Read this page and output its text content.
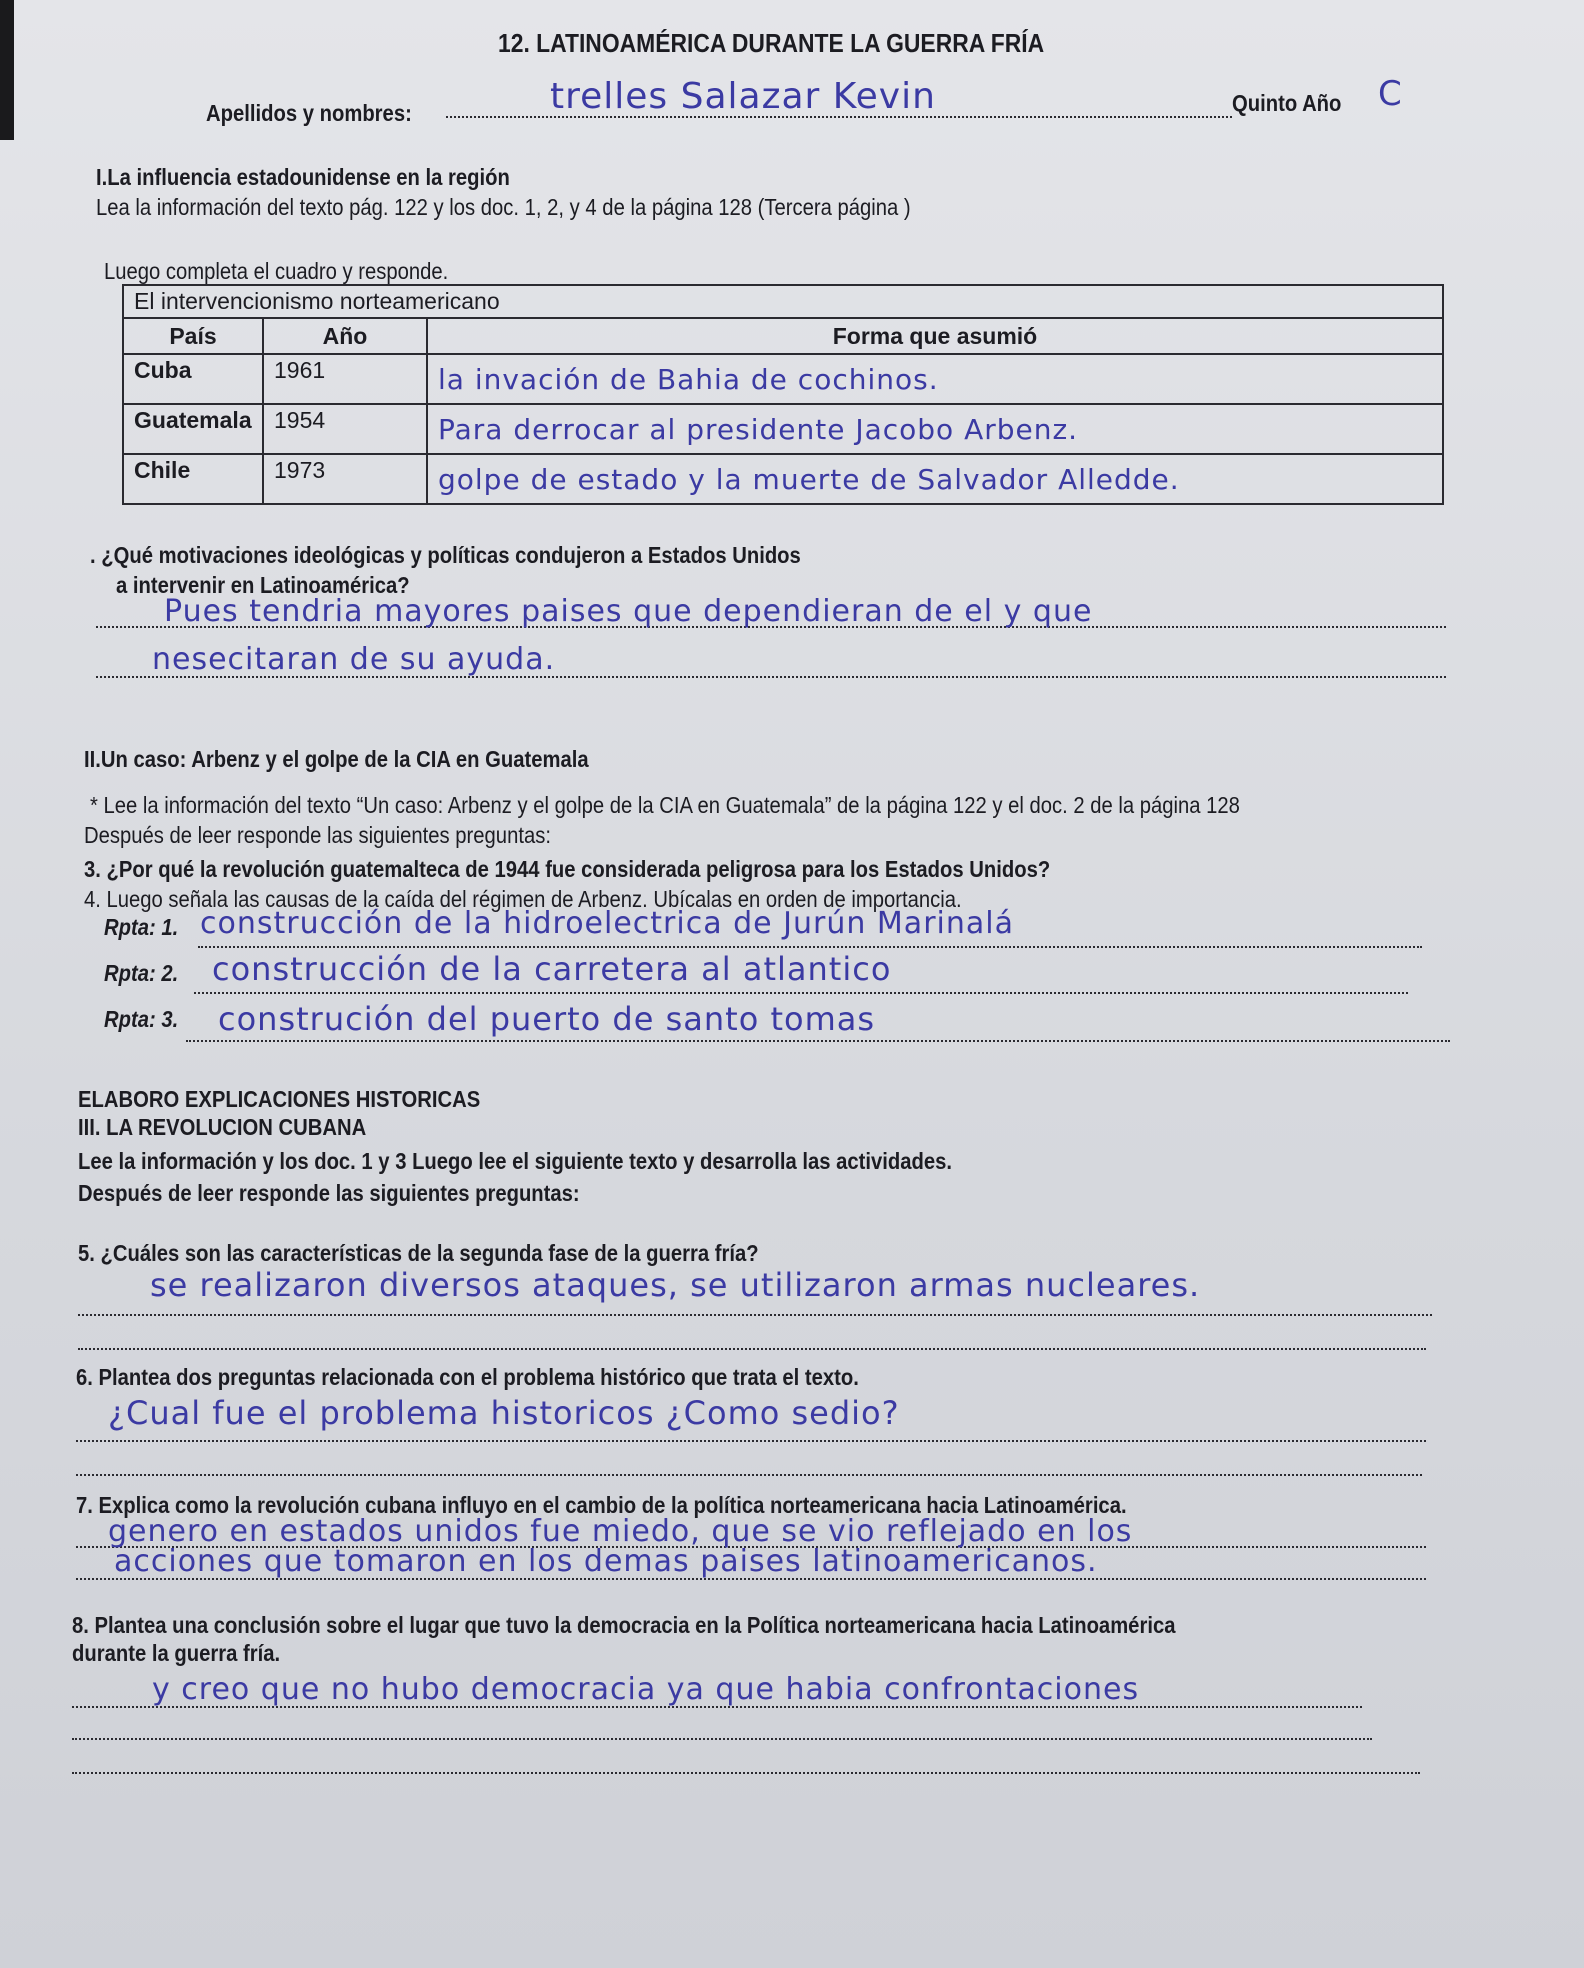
12. LATINOAMÉRICA DURANTE LA GUERRA FRÍA
Apellidos y nombres:	trelles Salazar Kevin	Quinto Año C
I.La influencia estadounidense en la región
Lea la información del texto pág. 122 y los doc. 1, 2, y 4 de la página 128 (Tercera página )
Luego completa el cuadro y responde.
El intervencionismo norteamericano		
País	Año	Forma que asumió
Cuba	1961	la invación de Bahia de cochinos.
Guatemala	1954	Para derrocar al presidente Jacobo Arbenz.
Chile	1973	golpe de estado y la muerte de Salvador Alledde.
. ¿Qué motivaciones ideológicas y políticas condujeron a Estados Unidos
a intervenir en Latinoamérica?
Pues tendria mayores paises que dependieran de el y que
nesecitaran de su ayuda.
II.Un caso: Arbenz y el golpe de la CIA en Guatemala
* Lee la información del texto “Un caso: Arbenz y el golpe de la CIA en Guatemala” de la página 122 y el doc. 2 de la página 128
Después de leer responde las siguientes preguntas:
3. ¿Por qué la revolución guatemalteca de 1944 fue considerada peligrosa para los Estados Unidos?
4. Luego señala las causas de la caída del régimen de Arbenz. Ubícalas en orden de importancia.
Rpta: 1. construcción de la hidroelectrica de Jurún Marinalá
Rpta: 2. construcción de la carretera al atlantico
Rpta: 3. construción del puerto de santo tomas
ELABORO EXPLICACIONES HISTORICAS
III. LA REVOLUCION CUBANA
Lee la información y los doc. 1 y 3 Luego lee el siguiente texto y desarrolla las actividades.
Después de leer responde las siguientes preguntas:
5. ¿Cuáles son las características de la segunda fase de la guerra fría?
se realizaron diversos ataques, se utilizaron armas nucleares.
6. Plantea dos preguntas relacionada con el problema histórico que trata el texto.
¿Cual fue el problema historicos ¿Como sedio?
7. Explica como la revolución cubana influyo en el cambio de la política norteamericana hacia Latinoamérica.
genero en estados unidos fue miedo, que se vio reflejado en los
acciones que tomaron en los demas paises latinoamericanos.
8. Plantea una conclusión sobre el lugar que tuvo la democracia en la Política norteamericana hacia Latinoamérica
durante la guerra fría.
y creo que no hubo democracia ya que habia confrontaciones
